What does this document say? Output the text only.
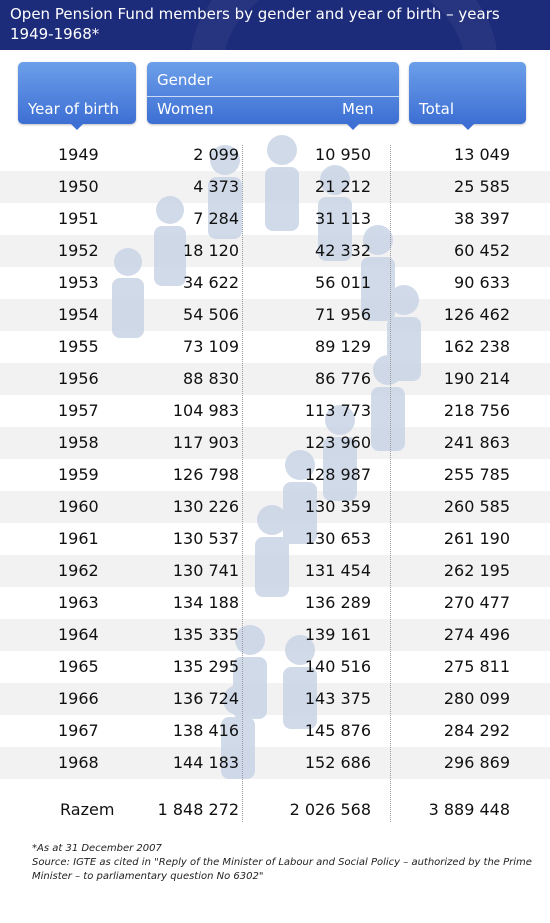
Open Pension Fund members by gender and year of birth – years 1949-1968*
Year of birth
Gender
Women	Men	Total
1949	2 099	10 950	13 049
1950	4 373	21 212	25 585
1951	7 284	31 113	38 397
1952	18 120	42 332	60 452
1953	34 622	56 011	90 633
1954	54 506	71 956	126 462
1955	73 109	89 129	162 238
1956	88 830	86 776	190 214
1957	104 983	113 773	218 756
1958	117 903	123 960	241 863
1959	126 798	128 987	255 785
1960	130 226	130 359	260 585
1961	130 537	130 653	261 190
1962	130 741	131 454	262 195
1963	134 188	136 289	270 477
1964	135 335	139 161	274 496
1965	135 295	140 516	275 811
1966	136 724	143 375	280 099
1967	138 416	145 876	284 292
1968	144 183	152 686	296 869
Razem	1 848 272	2 026 568	3 889 448

*As at 31 December 2007

Source: IGTE as cited in "Reply of the Minister of Labour and Social Policy – authorized by the Prime Minister – to parliamentary question No 6302"
